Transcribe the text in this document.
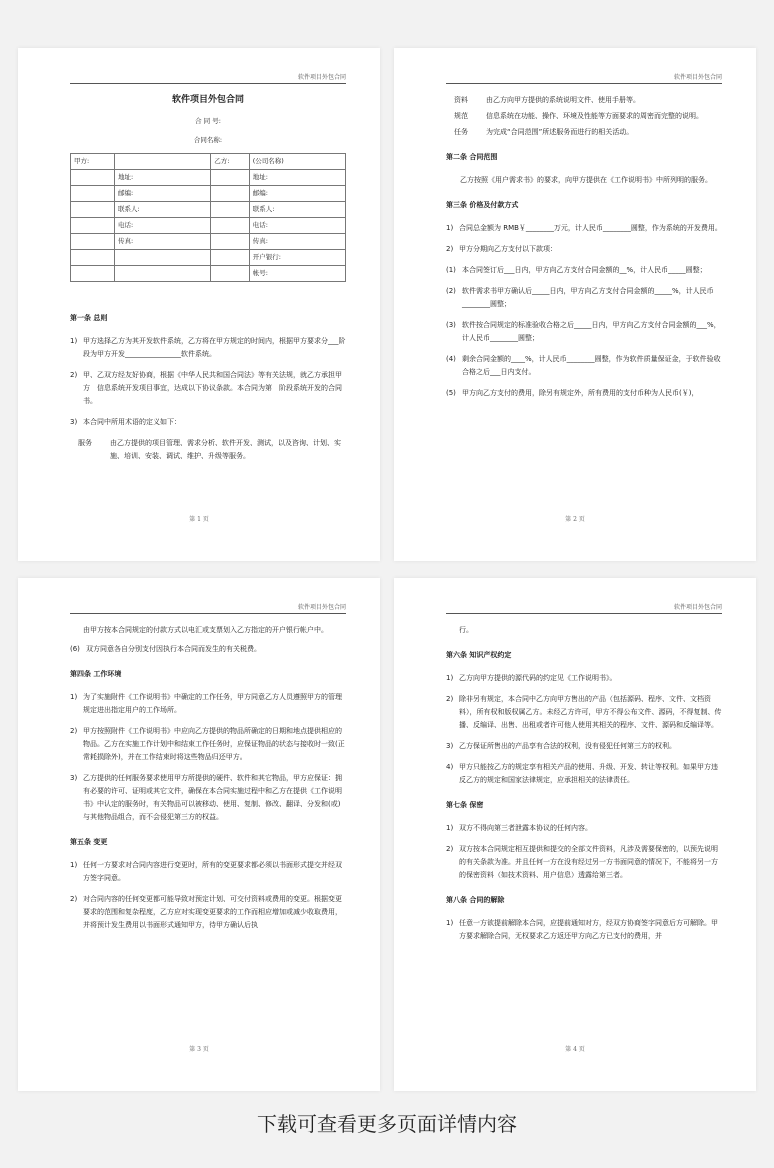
软件项目外包合同
软件项目外包合同
合 同 号:
合同名称:
甲方:		乙方:	(公司名称)
	地址:		地址:
	邮编:		邮编:
	联系人:		联系人:
	电话:		电话:
	传真:		传真:
			开户银行:
			帐号:
第一条 总则
1) 甲方选择乙方为其开发软件系统，乙方将在甲方规定的时间内，根据甲方要求分___阶段为甲方开发________________软件系统。
2) 甲、乙双方经友好协商，根据《中华人民共和国合同法》等有关法规，就乙方承担甲方　信息系统开发项目事宜，达成以下协议条款。本合同为第　阶段系统开发的合同书。
3) 本合同中所用术语的定义如下：
服务	由乙方提供的项目管理、需求分析、软件开发、测试，以及咨询、计划、实施、培训、安装、调试、维护、升级等服务。
第 1 页
软件项目外包合同
资料	由乙方向甲方提供的系统说明文件、使用手册等。
规范	信息系统在功能、操作、环境及性能等方面要求的周密而完整的说明。
任务	为完成“合同范围”所述服务而进行的相关活动。
第二条 合同范围
乙方按照《用户需求书》的要求，向甲方提供在《工作说明书》中所列明的服务。
第三条 价格及付款方式
1) 合同总金额为 RMB￥________万元，计人民币________圆整，作为系统的开发费用。
2) 甲方分期向乙方支付以下款项：
(1) 本合同签订后___日内，甲方向乙方支付合同金额的__%，计人民币_____圆整；
(2) 软件需求书甲方确认后_____日内，甲方向乙方支付合同金额的_____%，计人民币________圆整；
(3) 软件按合同规定的标准验收合格之后_____日内，甲方向乙方支付合同金额的___%，计人民币________圆整；
(4) 剩余合同金额的____%，计人民币________圆整，作为软件质量保证金，于软件验收合格之后___日内支付。
(5) 甲方向乙方支付的费用，除另有规定外，所有费用的支付币种为人民币(￥)，
第 2 页
软件项目外包合同
由甲方按本合同规定的付款方式以电汇或支票划入乙方指定的开户银行帐户中。
(6) 双方同意各自分别支付因执行本合同而发生的有关税费。
第四条 工作环境
1) 为了实施附件《工作说明书》中确定的工作任务，甲方同意乙方人员遵照甲方的管理规定进出指定用户的工作场所。
2) 甲方按照附件《工作说明书》中应向乙方提供的物品所确定的日期和地点提供相应的物品。乙方在实施工作计划中和结束工作任务时，应保证物品的状态与接收时一致(正常耗损除外)，并在工作结束时将这些物品归还甲方。
3) 乙方提供的任何服务要求使用甲方所提供的硬件、软件和其它物品，甲方应保证：拥有必要的许可、证明或其它文件，确保在本合同实施过程中和乙方在提供《工作说明书》中认定的服务时，有关物品可以被移动、使用、复制、修改、翻译、分发和(或)与其他物品组合，而不会侵犯第三方的权益。
第五条 变更
1) 任何一方要求对合同内容进行变更时，所有的变更要求都必须以书面形式提交并经双方签字同意。
2) 对合同内容的任何变更都可能导致对预定计划、可交付资料或费用的变更。根据变更要求的范围和复杂程度，乙方应对实现变更要求的工作而相应增加或减少收取费用，并将预计发生费用以书面形式通知甲方，待甲方确认后执
第 3 页
软件项目外包合同
行。
第六条 知识产权约定
1) 乙方向甲方提供的源代码的约定见《工作说明书》。
2) 除非另有规定，本合同中乙方向甲方售出的产品（包括源码、程序、文件、文档资料），所有权和版权属乙方。未经乙方许可，甲方不得公布文件、源码，不得复制、传播、反编译、出售、出租或者许可他人使用其相关的程序、文件、源码和反编译等。
3) 乙方保证所售出的产品享有合法的权利，没有侵犯任何第三方的权利。
4) 甲方只能按乙方的规定享有相关产品的使用、升级、开发、转让等权利。如果甲方违反乙方的规定和国家法律规定，应承担相关的法律责任。
第七条 保密
1) 双方不得向第三者泄露本协议的任何内容。
2) 双方按本合同规定相互提供和提交的全部文件资料，凡涉及需要保密的，以预先说明的有关条款为准。并且任何一方在没有经过另一方书面同意的情况下，不能将另一方的保密资料（如技术资料、用户信息）透露给第三者。
第八条 合同的解除
1) 任意一方欲提前解除本合同，应提前通知对方，经双方协商签字同意后方可解除。甲方要求解除合同，无权要求乙方返还甲方向乙方已支付的费用，并
第 4 页
下载可查看更多页面详情内容
